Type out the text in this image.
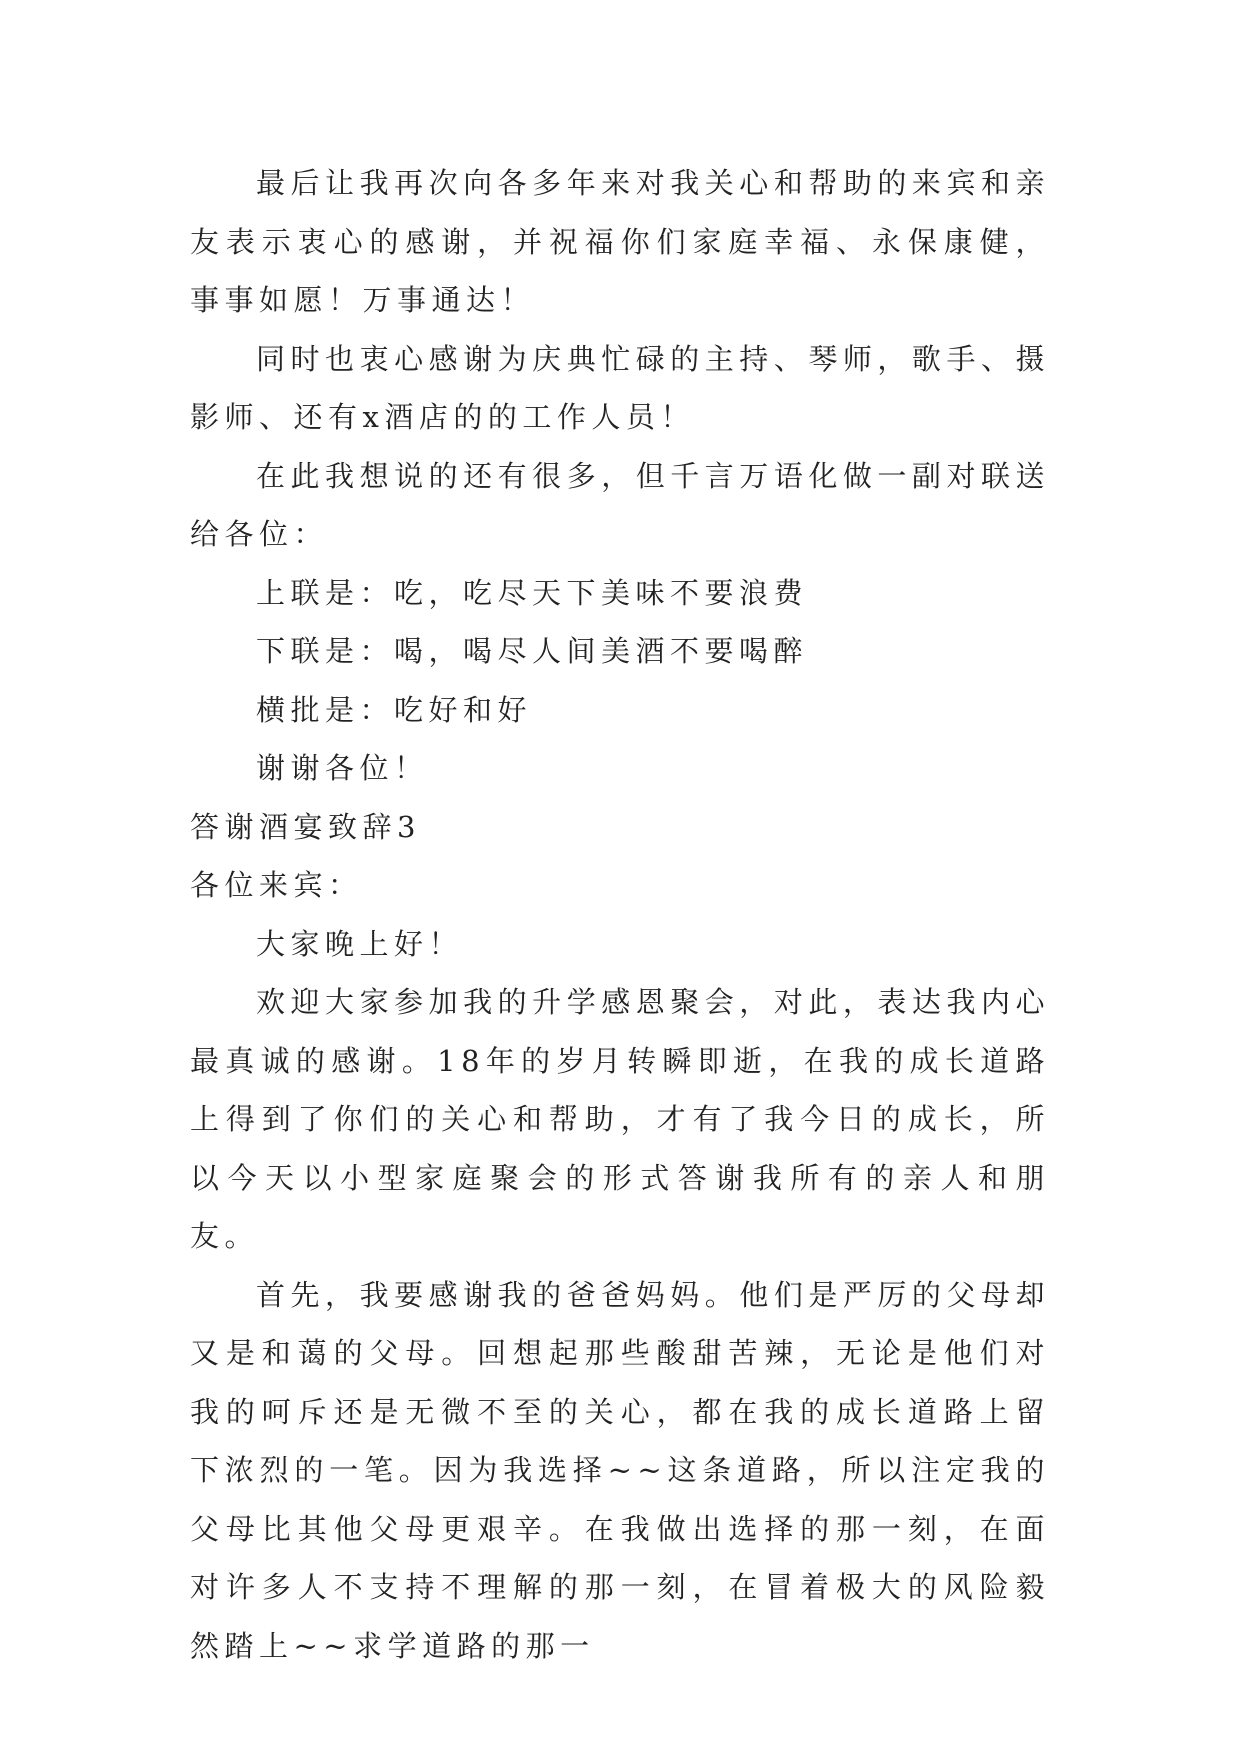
最后让我再次向各多年来对我关心和帮助的来宾和亲友表示衷心的感谢，并祝福你们家庭幸福、永保康健，事事如愿！万事通达！

同时也衷心感谢为庆典忙碌的主持、琴师，歌手、摄影师、还有x酒店的的工作人员！

在此我想说的还有很多，但千言万语化做一副对联送给各位：

上联是：吃，吃尽天下美味不要浪费

下联是：喝，喝尽人间美酒不要喝醉

横批是：吃好和好

谢谢各位！

答谢酒宴致辞3

各位来宾：

大家晚上好！

欢迎大家参加我的升学感恩聚会，对此，表达我内心最真诚的感谢。18年的岁月转瞬即逝，在我的成长道路上得到了你们的关心和帮助，才有了我今日的成长，所以今天以小型家庭聚会的形式答谢我所有的亲人和朋友。

首先，我要感谢我的爸爸妈妈。他们是严厉的父母却又是和蔼的父母。回想起那些酸甜苦辣，无论是他们对我的呵斥还是无微不至的关心，都在我的成长道路上留下浓烈的一笔。因为我选择~~这条道路，所以注定我的父母比其他父母更艰辛。在我做出选择的那一刻，在面对许多人不支持不理解的那一刻，在冒着极大的风险毅然踏上~~求学道路的那一
